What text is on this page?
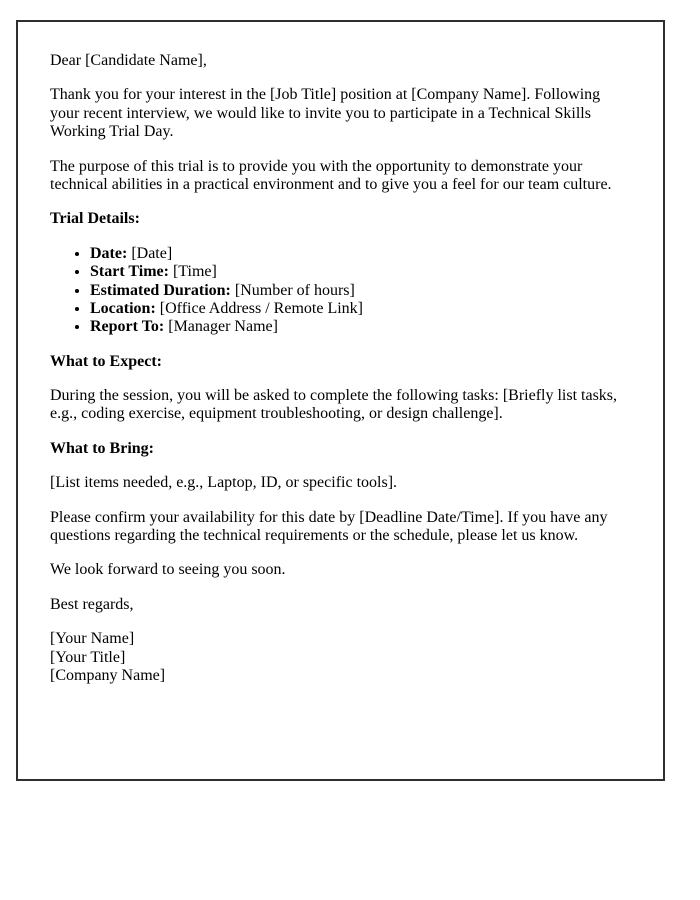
Dear [Candidate Name],

Thank you for your interest in the [Job Title] position at [Company Name]. Following your recent interview, we would like to invite you to participate in a Technical Skills Working Trial Day.

The purpose of this trial is to provide you with the opportunity to demonstrate your technical abilities in a practical environment and to give you a feel for our team culture.

Trial Details:

• Date: [Date]
• Start Time: [Time]
• Estimated Duration: [Number of hours]
• Location: [Office Address / Remote Link]
• Report To: [Manager Name]

What to Expect:

During the session, you will be asked to complete the following tasks: [Briefly list tasks, e.g., coding exercise, equipment troubleshooting, or design challenge].

What to Bring:

[List items needed, e.g., Laptop, ID, or specific tools].

Please confirm your availability for this date by [Deadline Date/Time]. If you have any questions regarding the technical requirements or the schedule, please let us know.

We look forward to seeing you soon.

Best regards,

[Your Name]
[Your Title]
[Company Name]
